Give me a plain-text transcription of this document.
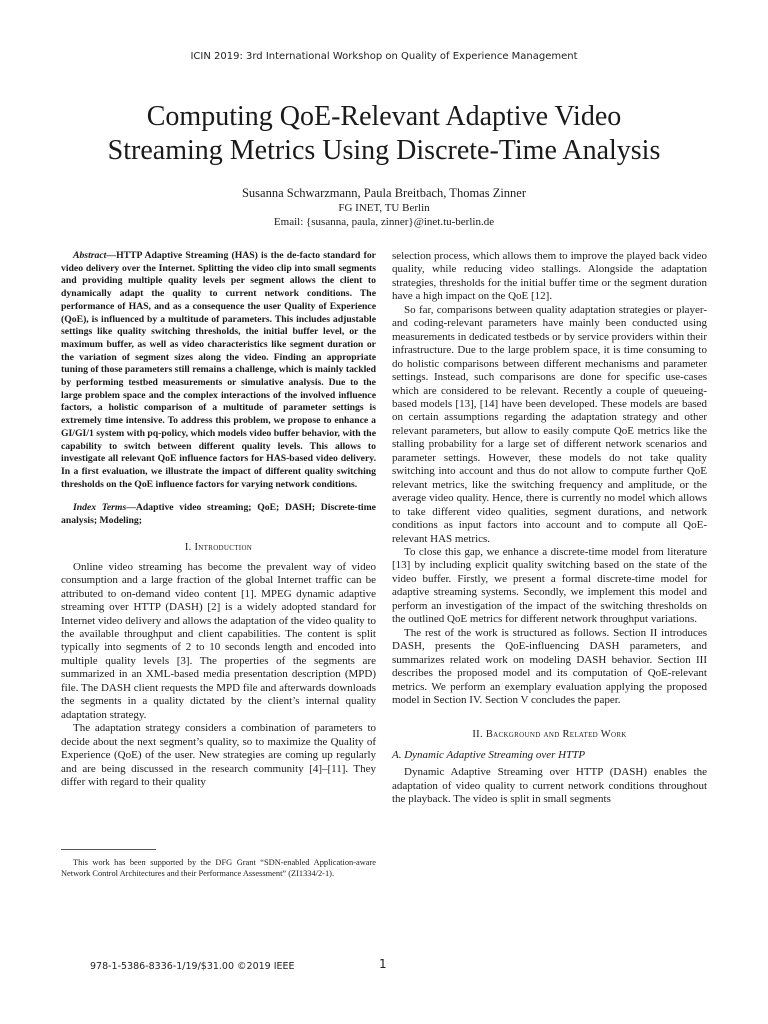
ICIN 2019: 3rd International Workshop on Quality of Experience Management
Computing QoE-Relevant Adaptive Video
Streaming Metrics Using Discrete-Time Analysis
Susanna Schwarzmann, Paula Breitbach, Thomas Zinner
FG INET, TU Berlin
Email: {susanna, paula, zinner}@inet.tu-berlin.de

Abstract—HTTP Adaptive Streaming (HAS) is the de-facto standard for video delivery over the Internet. Splitting the video clip into small segments and providing multiple quality levels per segment allows the client to dynamically adapt the quality to current network conditions. The performance of HAS, and as a consequence the user Quality of Experience (QoE), is influenced by a multitude of parameters. This includes adjustable settings like quality switching thresholds, the initial buffer level, or the maximum buffer, as well as video characteristics like segment duration or the variation of segment sizes along the video. Finding an appropriate tuning of those parameters still remains a challenge, which is mainly tackled by performing testbed measurements or simulative analysis. Due to the large problem space and the complex interactions of the involved influence factors, a holistic comparison of a multitude of parameter settings is extremely time intensive. To address this problem, we propose to enhance a GI/GI/1 system with pq-policy, which models video buffer behavior, with the capability to switch between different quality levels. This allows to investigate all relevant QoE influence factors for HAS-based video delivery. In a first evaluation, we illustrate the impact of different quality switching thresholds on the QoE influence factors for varying network conditions.

Index Terms—Adaptive video streaming; QoE; DASH; Discrete-time analysis; Modeling;

I. Introduction

Online video streaming has become the prevalent way of video consumption and a large fraction of the global Internet traffic can be attributed to on-demand video content [1]. MPEG dynamic adaptive streaming over HTTP (DASH) [2] is a widely adopted standard for Internet video delivery and allows the adaptation of the video quality to the available throughput and client capabilities. The content is split typically into segments of 2 to 10 seconds length and encoded into multiple quality levels [3]. The properties of the segments are summarized in an XML-based media presentation description (MPD) file. The DASH client requests the MPD file and afterwards downloads the segments in a quality dictated by the client’s internal quality adaptation strategy.

The adaptation strategy considers a combination of parameters to decide about the next segment’s quality, so to maximize the Quality of Experience (QoE) of the user. New strategies are coming up regularly and are being discussed in the research community [4]–[11]. They differ with regard to their quality

This work has been supported by the DFG Grant “SDN-enabled Application-aware Network Control Architectures and their Performance Assessment” (ZI1334/2-1).

selection process, which allows them to improve the played back video quality, while reducing video stallings. Alongside the adaptation strategies, thresholds for the initial buffer time or the segment duration have a high impact on the QoE [12].

So far, comparisons between quality adaptation strategies or player- and coding-relevant parameters have mainly been conducted using measurements in dedicated testbeds or by service providers within their infrastructure. Due to the large problem space, it is time consuming to do holistic comparisons between different mechanisms and parameter settings. Instead, such comparisons are done for specific use-cases which are considered to be relevant. Recently a couple of queueing-based models [13], [14] have been developed. These models are based on certain assumptions regarding the adaptation strategy and other relevant parameters, but allow to easily compute QoE metrics like the stalling probability for a large set of different network scenarios and parameter settings. However, these models do not take quality switching into account and thus do not allow to compute further QoE relevant metrics, like the switching frequency and amplitude, or the average video quality. Hence, there is currently no model which allows to take different video qualities, segment durations, and network conditions as input factors into account and to compute all QoE-relevant HAS metrics.

To close this gap, we enhance a discrete-time model from literature [13] by including explicit quality switching based on the state of the video buffer. Firstly, we present a formal discrete-time model for adaptive streaming systems. Secondly, we implement this model and perform an investigation of the impact of the switching thresholds on the outlined QoE metrics for different network throughput variations.

The rest of the work is structured as follows. Section II introduces DASH, presents the QoE-influencing DASH parameters, and summarizes related work on modeling DASH behavior. Section III describes the proposed model and its computation of QoE-relevant metrics. We perform an exemplary evaluation applying the proposed model in Section IV. Section V concludes the paper.

II. Background and Related Work
A. Dynamic Adaptive Streaming over HTTP

Dynamic Adaptive Streaming over HTTP (DASH) enables the adaptation of video quality to current network conditions throughout the playback. The video is split in small segments

978-1-5386-8336-1/19/$31.00 ©2019 IEEE	1
